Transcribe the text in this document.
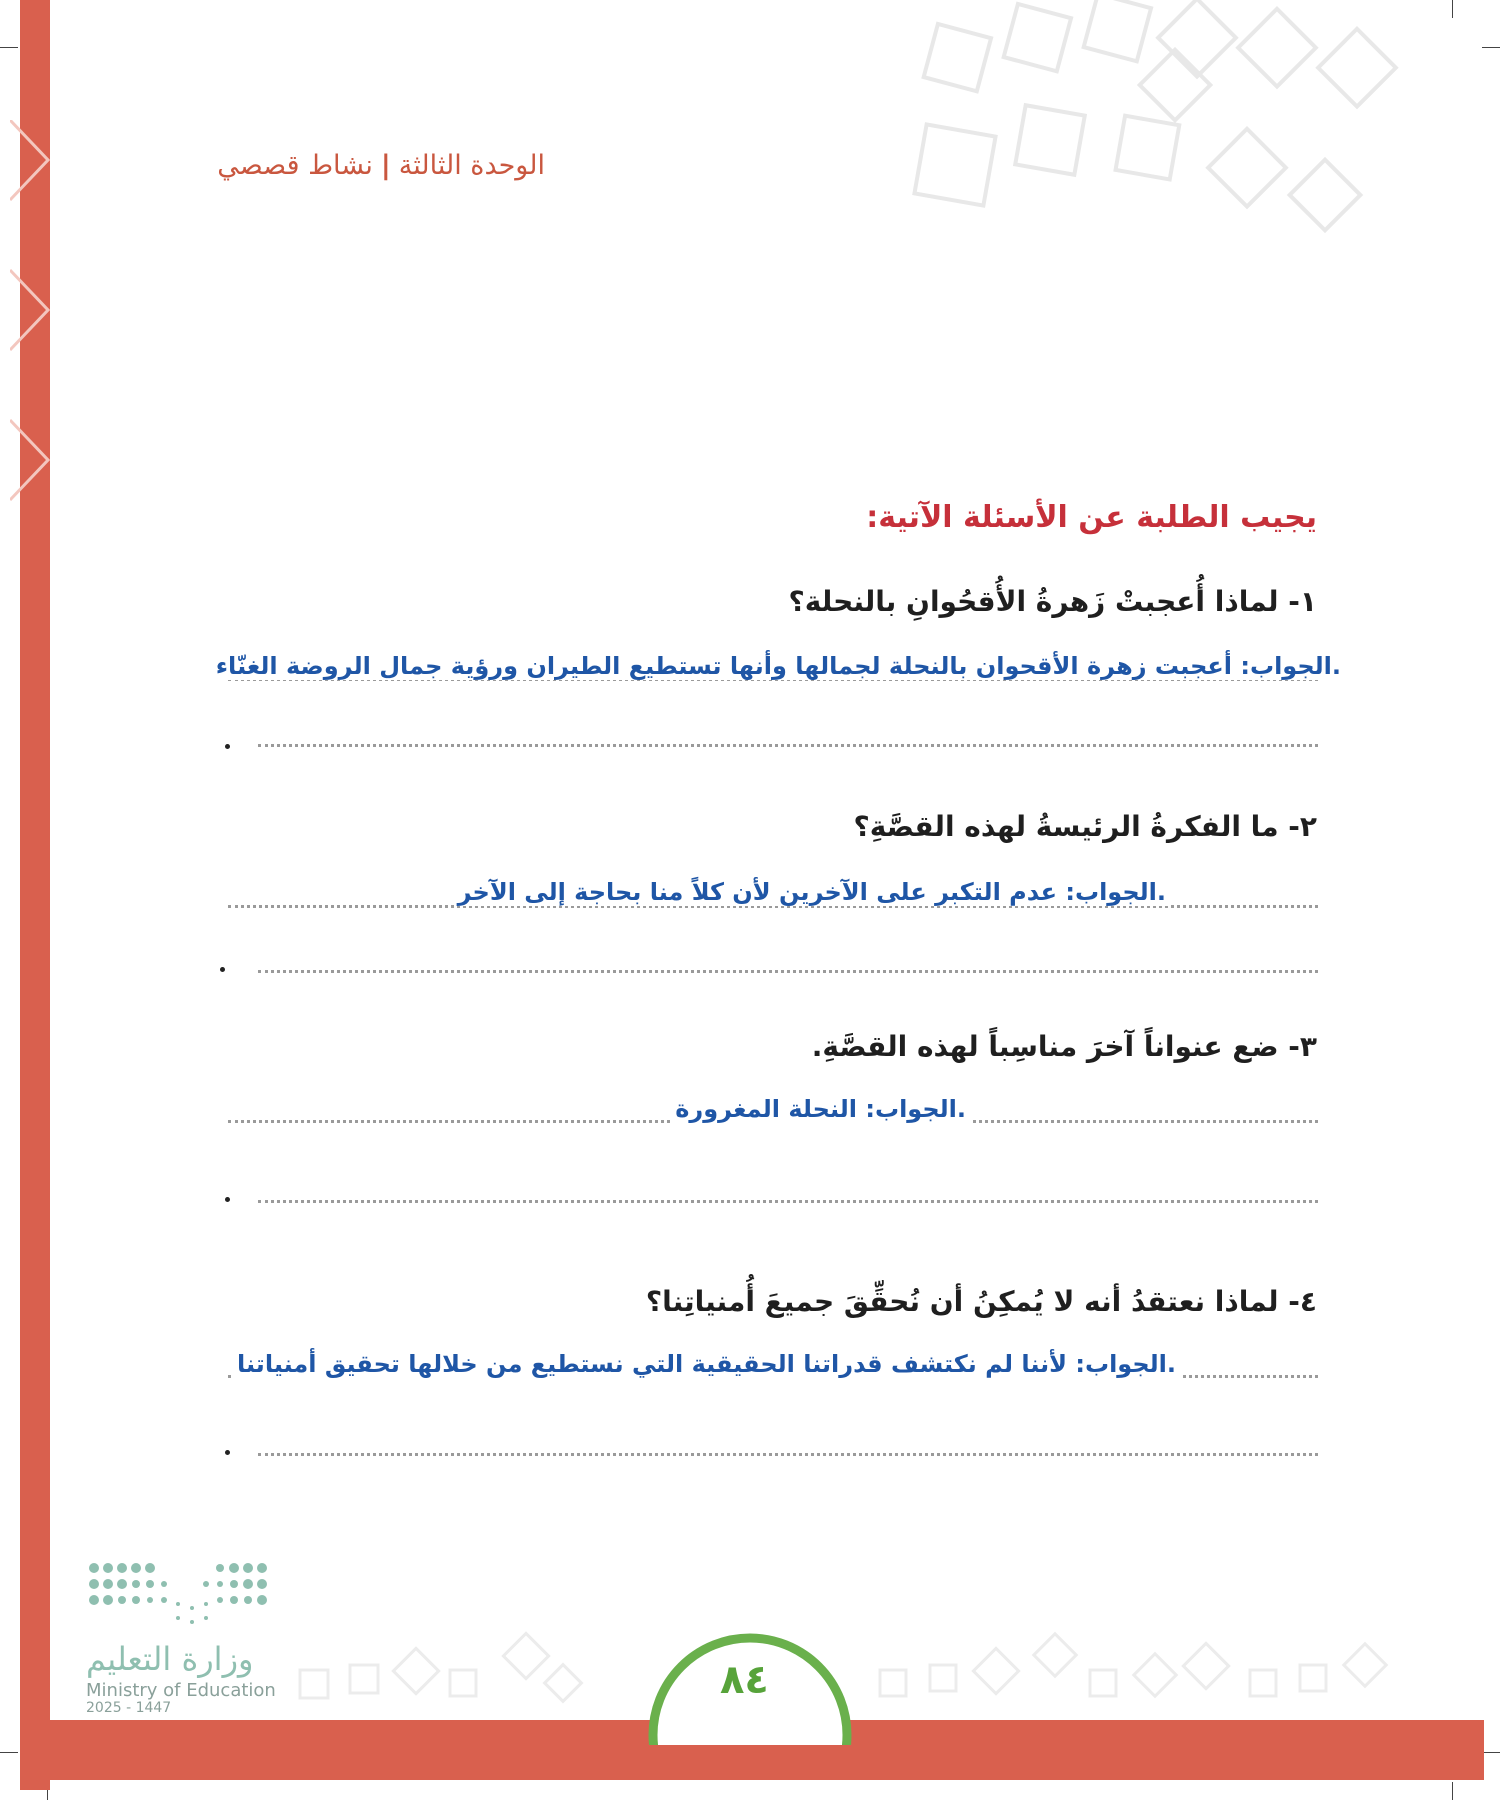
الوحدة الثالثة|نشاط قصصي
يجيب الطلبة عن الأسئلة الآتية:
١- لماذا أُعجبتْ زَهرةُ الأُقحُوانِ بالنحلة؟
.الجواب: أعجبت زهرة الأقحوان بالنحلة لجمالها وأنها تستطيع الطيران ورؤية جمال الروضة الغنّاء
٢- ما الفكرةُ الرئيسةُ لهذه القصَّةِ؟
.الجواب: عدم التكبر على الآخرين لأن كلاً منا بحاجة إلى الآخر
٣- ضع عنواناً آخرَ مناسِباً لهذه القصَّةِ.
.الجواب: النحلة المغرورة
٤- لماذا نعتقدُ أنه لا يُمكِنُ أن نُحقِّقَ جميعَ أُمنياتِنا؟
.الجواب: لأننا لم نكتشف قدراتنا الحقيقية التي نستطيع من خلالها تحقيق أمنياتنا
٨٤
وزارة التعليم
Ministry of Education
2025 - 1447
